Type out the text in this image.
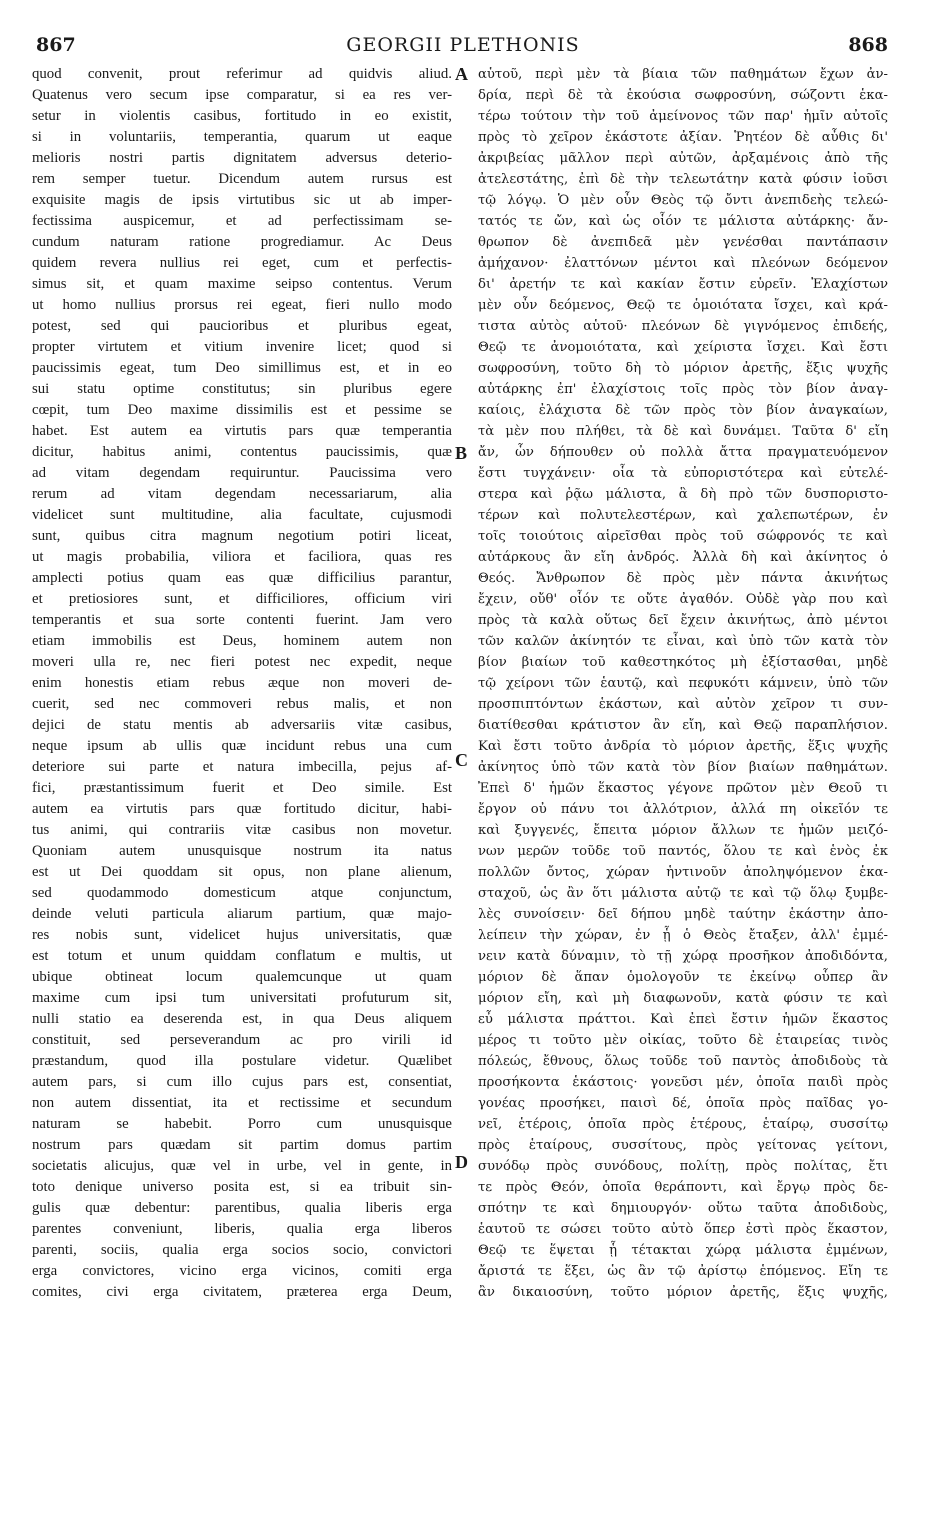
867	GEORGII PLETHONIS	868
quod convenit, prout referimur ad quidvis aliud.
Quatenus vero secum ipse comparatur, si ea res ver-
setur in violentis casibus, fortitudo in eo existit,
si in voluntariis, temperantia, quarum ut eaque
melioris nostri partis dignitatem adversus deterio-
rem semper tuetur. Dicendum autem rursus est
exquisite magis de ipsis virtutibus sic ut ab imper-
fectissima auspicemur, et ad perfectissimam se-
cundum naturam ratione progrediamur. Ac Deus
quidem revera nullius rei eget, cum et perfectis-
simus sit, et quam maxime seipso contentus. Verum
ut homo nullius prorsus rei egeat, fieri nullo modo
potest, sed qui paucioribus et pluribus egeat,
propter virtutem et vitium invenire licet; quod si
paucissimis egeat, tum Deo simillimus est, et in eo
sui statu optime constitutus; sin pluribus egere
cœpit, tum Deo maxime dissimilis est et pessime se
habet. Est autem ea virtutis pars quæ temperantia
dicitur, habitus animi, contentus paucissimis, quæ
ad vitam degendam requiruntur. Paucissima vero
rerum ad vitam degendam necessariarum, alia
videlicet sunt multitudine, alia facultate, cujusmodi
sunt, quibus citra magnum negotium potiri liceat,
ut magis probabilia, viliora et faciliora, quas res
amplecti potius quam eas quæ difficilius parantur,
et pretiosiores sunt, et difficiliores, officium viri
temperantis et sua sorte contenti fuerint. Jam vero
etiam immobilis est Deus, hominem autem non
moveri ulla re, nec fieri potest nec expedit, neque
enim honestis etiam rebus æque non moveri de-
cuerit, sed nec commoveri rebus malis, et non
dejici de statu mentis ab adversariis vitæ casibus,
neque ipsum ab ullis quæ incidunt rebus una cum
deteriore sui parte et natura imbecilla, pejus af-
fici, præstantissimum fuerit et Deo simile. Est
autem ea virtutis pars quæ fortitudo dicitur, habi-
tus animi, qui contrariis vitæ casibus non movetur.
Quoniam autem unusquisque nostrum ita natus
est ut Dei quoddam sit opus, non plane alienum,
sed quodammodo domesticum atque conjunctum,
deinde veluti particula aliarum partium, quæ majo-
res nobis sunt, videlicet hujus universitatis, quæ
est totum et unum quiddam conflatum e multis, ut
ubique obtineat locum qualemcunque ut quam
maxime cum ipsi tum universitati profuturum sit,
nulli statio ea deserenda est, in qua Deus aliquem
constituit, sed perseverandum ac pro virili id
præstandum, quod illa postulare videtur. Quælibet
autem pars, si cum illo cujus pars est, consentiat,
non autem dissentiat, ita et rectissime et secundum
naturam se habebit. Porro cum unusquisque
nostrum pars quædam sit partim domus partim
societatis alicujus, quæ vel in urbe, vel in gente, in
toto denique universo posita est, si ea tribuit sin-
gulis quæ debentur: parentibus, qualia liberis erga
parentes conveniunt, liberis, qualia erga liberos
parenti, sociis, qualia erga socios socio, convictori
erga convictores, vicino erga vicinos, comiti erga
comites, civi erga civitatem, præterea erga Deum,
αὑτοῦ, περὶ μὲν τὰ βίαια τῶν παθημάτων ἔχων ἀν-
δρία, περὶ δὲ τὰ ἑκούσια σωφροσύνη, σώζοντι ἑκα-
τέρω τούτοιν τὴν τοῦ ἀμείνονος τῶν παρ' ἡμῖν αὐτοῖς
πρὸς τὸ χεῖρον ἑκάστοτε ἀξίαν. Ῥητέον δὲ αὖθις δι'
ἀκριβείας μᾶλλον περὶ αὐτῶν, ἀρξαμένοις ἀπὸ τῆς
ἀτελεστάτης, ἐπὶ δὲ τὴν τελεωτάτην κατὰ φύσιν ἰοῦσι
τῷ λόγῳ. Ὁ μὲν οὖν Θεὸς τῷ ὄντι ἀνεπιδεὴς τελεώ-
τατός τε ὤν, καὶ ὡς οἷόν τε μάλιστα αὐτάρκης· ἄν-
θρωπον δὲ ἀνεπιδεᾶ μὲν γενέσθαι παντάπασιν
ἀμήχανον· ἐλαττόνων μέντοι καὶ πλεόνων δεόμενον
δι' ἀρετήν τε καὶ κακίαν ἔστιν εὑρεῖν. Ἐλαχίστων
μὲν οὖν δεόμενος, Θεῷ τε ὁμοιότατα ἴσχει, καὶ κρά-
τιστα αὐτὸς αὑτοῦ· πλεόνων δὲ γιγνόμενος ἐπιδεής,
Θεῷ τε ἀνομοιότατα, καὶ χείριστα ἴσχει. Καὶ ἔστι
σωφροσύνη, τοῦτο δὴ τὸ μόριον ἀρετῆς, ἕξις ψυχῆς
αὐτάρκης ἐπ' ἐλαχίστοις τοῖς πρὸς τὸν βίον ἀναγ-
καίοις, ἐλάχιστα δὲ τῶν πρὸς τὸν βίον ἀναγκαίων,
τὰ μὲν που πλήθει, τὰ δὲ καὶ δυνάμει. Ταῦτα δ' εἴη
ἄν, ὧν δήπουθεν οὐ πολλὰ ἄττα πραγματευόμενον
ἔστι τυγχάνειν· οἷα τὰ εὐποριστότερα καὶ εὐτελέ-
στερα καὶ ῥᾷω μάλιστα, ἃ δὴ πρὸ τῶν δυσποριστο-
τέρων καὶ πολυτελεστέρων, καὶ χαλεπωτέρων, ἐν
τοῖς τοιούτοις αἱρεῖσθαι πρὸς τοῦ σώφρονός τε καὶ
αὐτάρκους ἂν εἴη ἀνδρός. Ἀλλὰ δὴ καὶ ἀκίνητος ὁ
Θεός. Ἄνθρωπον δὲ πρὸς μὲν πάντα ἀκινήτως
ἔχειν, οὔθ' οἷόν τε οὔτε ἀγαθόν. Οὐδὲ γὰρ που καὶ
πρὸς τὰ καλὰ οὕτως δεῖ ἔχειν ἀκινήτως, ἀπὸ μέντοι
τῶν καλῶν ἀκίνητόν τε εἶναι, καὶ ὑπὸ τῶν κατὰ τὸν
βίον βιαίων τοῦ καθεστηκότος μὴ ἐξίστασθαι, μηδὲ
τῷ χείρονι τῶν ἑαυτῷ, καὶ πεφυκότι κάμνειν, ὑπὸ τῶν
προσπιπτόντων ἑκάστων, καὶ αὐτὸν χεῖρον τι συν-
διατίθεσθαι κράτιστον ἂν εἴη, καὶ Θεῷ παραπλήσιον.
Καὶ ἔστι τοῦτο ἀνδρία τὸ μόριον ἀρετῆς, ἕξις ψυχῆς
ἀκίνητος ὑπὸ τῶν κατὰ τὸν βίον βιαίων παθημάτων.
Ἐπεὶ δ' ἡμῶν ἕκαστος γέγονε πρῶτον μὲν Θεοῦ τι
ἔργον οὐ πάνυ τοι ἀλλότριον, ἀλλά πη οἰκεῖόν τε
καὶ ξυγγενές, ἔπειτα μόριον ἄλλων τε ἡμῶν μειζό-
νων μερῶν τοῦδε τοῦ παντός, ὅλου τε καὶ ἑνὸς ἐκ
πολλῶν ὄντος, χώραν ἡντινοῦν ἀποληψόμενον ἑκα-
σταχοῦ, ὡς ἂν ὅτι μάλιστα αὐτῷ τε καὶ τῷ ὅλῳ ξυμβε-
λὲς συνοίσειν· δεῖ δήπου μηδὲ ταύτην ἑκάστην ἀπο-
λείπειν τὴν χώραν, ἐν ᾗ ὁ Θεὸς ἔταξεν, ἀλλ' ἐμμέ-
νειν κατὰ δύναμιν, τὸ τῇ χώρᾳ προσῆκον ἀποδιδόντα,
μόριον δὲ ἅπαν ὁμολογοῦν τε ἐκείνῳ οὗπερ ἂν
μόριον εἴη, καὶ μὴ διαφωνοῦν, κατὰ φύσιν τε καὶ
εὖ μάλιστα πράττοι. Καὶ ἐπεὶ ἔστιν ἡμῶν ἕκαστος
μέρος τι τοῦτο μὲν οἰκίας, τοῦτο δὲ ἑταιρείας τινὸς
πόλεώς, ἔθνους, ὅλως τοῦδε τοῦ παντὸς ἀποδιδοὺς τὰ
προσήκοντα ἑκάστοις· γονεῦσι μέν, ὁποῖα παιδὶ πρὸς
γονέας προσήκει, παισὶ δέ, ὁποῖα πρὸς παῖδας γο-
νεῖ, ἑτέροις, ὁποῖα πρὸς ἑτέρους, ἑταίρῳ, συσσίτῳ
πρὸς ἑταίρους, συσσίτους, πρὸς γείτονας γείτονι,
συνόδῳ πρὸς συνόδους, πολίτῃ, πρὸς πολίτας, ἔτι
τε πρὸς Θεόν, ὁποῖα θεράποντι, καὶ ἔργῳ πρὸς δε-
σπότην τε καὶ δημιουργόν· οὕτω ταῦτα ἀποδιδοὺς,
ἑαυτοῦ τε σώσει τοῦτο αὐτὸ ὅπερ ἐστὶ πρὸς ἕκαστον,
Θεῷ τε ἕψεται ᾗ τέτακται χώρᾳ μάλιστα ἐμμένων,
ἄριστά τε ἕξει, ὡς ἂν τῷ ἀρίστῳ ἑπόμενος. Εἴη τε
ἂν δικαιοσύνη, τοῦτο μόριον ἀρετῆς, ἕξις ψυχῆς,
A
B
C
D
